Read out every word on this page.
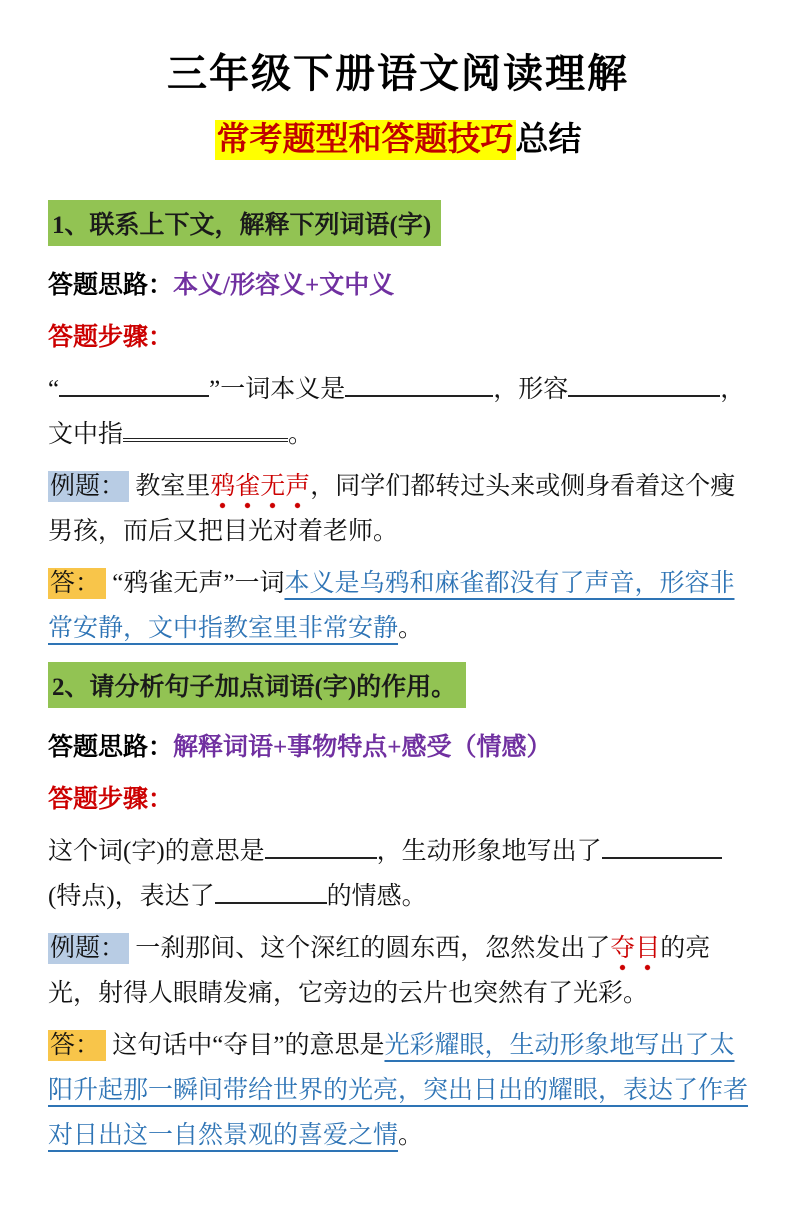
三年级下册语文阅读理解
常考题型和答题技巧总结
1、联系上下文，解释下列词语(字)

答题思路：本义/形容义+文中义

答题步骤：

“	”一词本义是	，形容	，文中指	。

例题： 教室里鸦雀无声，同学们都转过头来或侧身看着这个瘦男孩，而后又把目光对着老师。

答： “鸦雀无声”一词本义是乌鸦和麻雀都没有了声音，形容非常安静，文中指教室里非常安静。

2、请分析句子加点词语(字)的作用。

答题思路：解释词语+事物特点+感受（情感）

答题步骤：

这个词(字)的意思是	，生动形象地写出了 (特点)，表达了	的情感。

例题： 一刹那间、这个深红的圆东西，忽然发出了夺目的亮光，射得人眼睛发痛，它旁边的云片也突然有了光彩。

答： 这句话中“夺目”的意思是光彩耀眼，生动形象地写出了太阳升起那一瞬间带给世界的光亮，突出日出的耀眼，表达了作者对日出这一自然景观的喜爱之情。
